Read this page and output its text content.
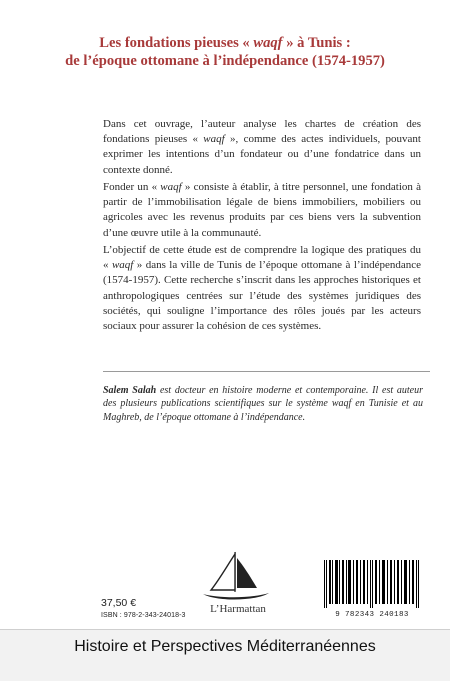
Les fondations pieuses « waqf » à Tunis :
de l’époque ottomane à l’indépendance (1574-1957)
Dans cet ouvrage, l’auteur analyse les chartes de création des fondations pieuses « waqf », comme des actes individuels, pouvant exprimer les intentions d’un fondateur ou d’une fondatrice dans un contexte donné.
Fonder un « waqf » consiste à établir, à titre personnel, une fondation à partir de l’immobilisation légale de biens immobiliers, mobiliers ou agricoles avec les revenus produits par ces biens vers la subvention d’une œuvre utile à la communauté.
L’objectif de cette étude est de comprendre la logique des pratiques du « waqf » dans la ville de Tunis de l’époque ottomane à l’indépendance (1574-1957). Cette recherche s’inscrit dans les approches historiques et anthropologiques centrées sur l’étude des systèmes juridiques des sociétés, qui souligne l’importance des rôles joués par les acteurs sociaux pour assurer la cohésion de ces systèmes.
Salem Salah est docteur en histoire moderne et contemporaine. Il est auteur des plusieurs publications scientifiques sur le système waqf en Tunisie et au Maghreb, de l’époque ottomane à l’indépendance.
37,50 €
ISBN : 978-2-343-24018-3
L’Harmattan	9 782343 240183
Histoire et Perspectives Méditerranéennes
